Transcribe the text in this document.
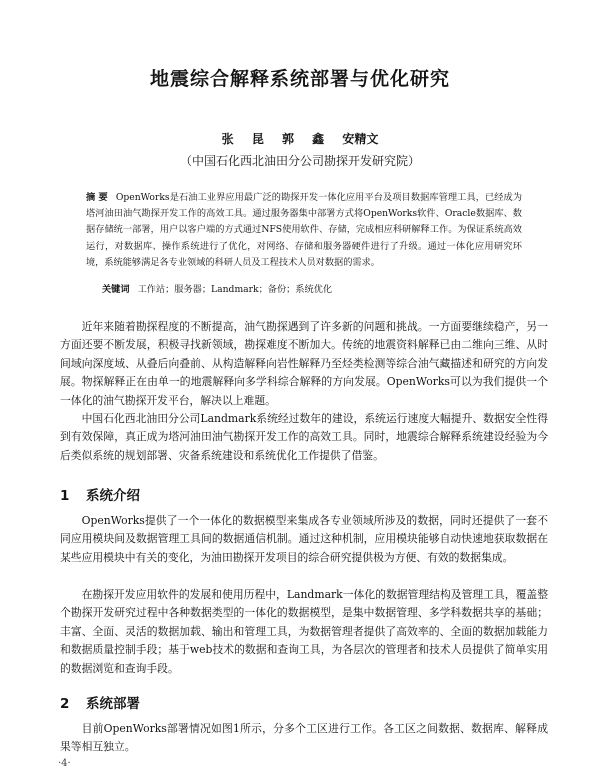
地震综合解释系统部署与优化研究
张 昆 郭 鑫 安精文
（中国石化西北油田分公司勘探开发研究院）
摘 要 OpenWorks是石油工业界应用最广泛的勘探开发一体化应用平台及项目数据库管理工具，已经成为塔河油田油气勘探开发工作的高效工具。通过服务器集中部署方式将OpenWorks软件、Oracle数据库、数据存储统一部署，用户以客户端的方式通过NFS使用软件、存储，完成相应科研解释工作。为保证系统高效运行，对数据库、操作系统进行了优化，对网络、存储和服务器硬件进行了升级。通过一体化应用研究环境，系统能够满足各专业领域的科研人员及工程技术人员对数据的需求。
关键词 工作站；服务器；Landmark；备份；系统优化

近年来随着勘探程度的不断提高，油气勘探遇到了许多新的问题和挑战。一方面要继续稳产，另一方面还要不断发展，积极寻找新领域，勘探难度不断加大。传统的地震资料解释已由二维向三维、从时间域向深度域、从叠后向叠前、从构造解释向岩性解释乃至烃类检测等综合油气藏描述和研究的方向发展。物探解释正在由单一的地震解释向多学科综合解释的方向发展。OpenWorks可以为我们提供一个一体化的油气勘探开发平台，解决以上难题。

中国石化西北油田分公司Landmark系统经过数年的建设，系统运行速度大幅提升、数据安全性得到有效保障，真正成为塔河油田油气勘探开发工作的高效工具。同时，地震综合解释系统建设经验为今后类似系统的规划部署、灾备系统建设和系统优化工作提供了借鉴。

1 系统介绍

OpenWorks提供了一个一体化的数据模型来集成各专业领域所涉及的数据，同时还提供了一套不同应用模块间及数据管理工具间的数据通信机制。通过这种机制，应用模块能够自动快速地获取数据在某些应用模块中有关的变化，为油田勘探开发项目的综合研究提供极为方便、有效的数据集成。

在勘探开发应用软件的发展和使用历程中，Landmark一体化的数据管理结构及管理工具，覆盖整个勘探开发研究过程中各种数据类型的一体化的数据模型，是集中数据管理、多学科数据共享的基础；丰富、全面、灵活的数据加载、输出和管理工具，为数据管理者提供了高效率的、全面的数据加载能力和数据质量控制手段；基于web技术的数据和查询工具，为各层次的管理者和技术人员提供了简单实用的数据浏览和查询手段。

2 系统部署

目前OpenWorks部署情况如图1所示，分多个工区进行工作。各工区之间数据、数据库、解释成果等相互独立。

·4·
